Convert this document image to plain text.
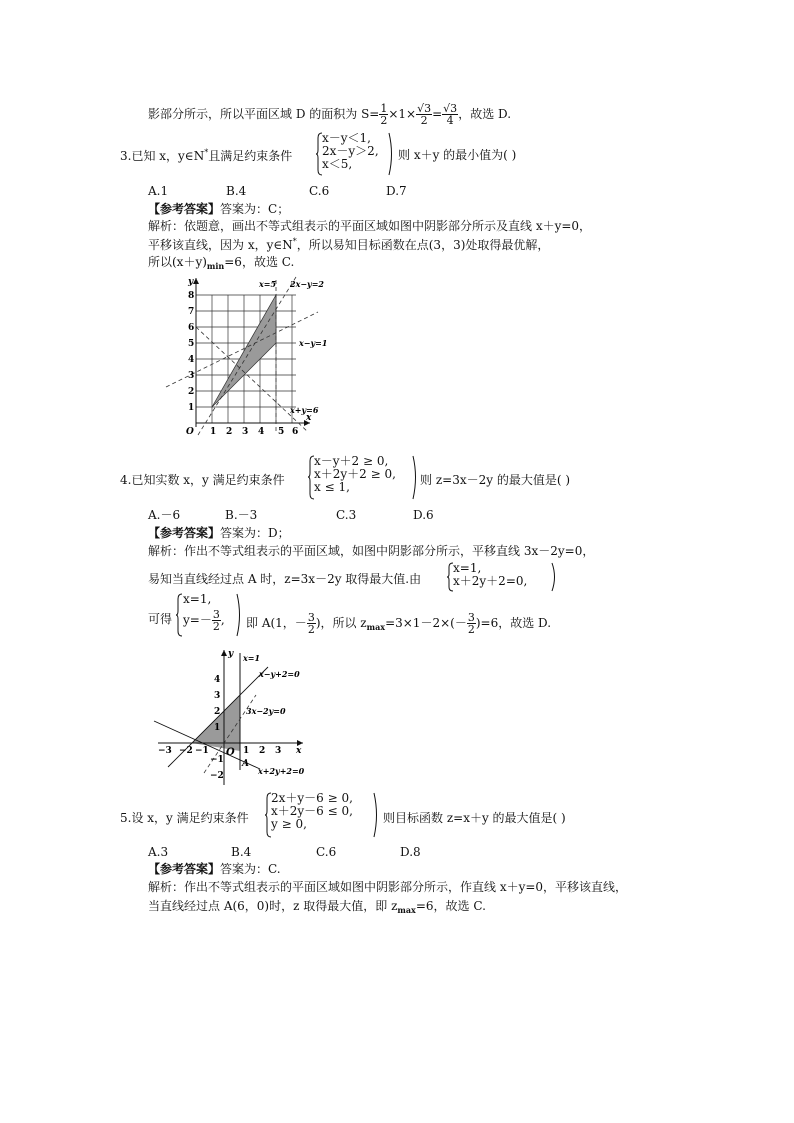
影部分所示，所以平面区域 D 的面积为 $S= \frac{1}{2} \times 1\times \frac{√3}{2} = \frac{√3}{4}$ ，故选 D.
3.已知 x，y∈N*且满足约束条件
x－y＜1,
2x－y＞2,
x＜5,
则 x＋y 的最小值为( )
A.1	B.4	C.6	D.7
【参考答案】答案为：C；
解析：依题意，画出不等式组表示的平面区域如图中阴影部分所示及直线 x＋y=0，
平移该直线，因为 x，y∈N*，所以易知目标函数在点(3，3)处取得最优解，
所以$(x+y)_{min}=6$，故选 C.
y
x
O 1 2 3 4 5 6
1
2
3
4
5
6
7
8
x=5 2x−y=2
x−y=1
x+y=6
4.已知实数 x，y 满足约束条件
x－y＋2 ≥ 0,
x＋2y＋2 ≥ 0,
x ≤ 1,	则 z=3x－2y 的最大值是( )
A.－6	B.－3	C.3	D.6
【参考答案】答案为：D；
解析：作出不等式组表示的平面区域，如图中阴影部分所示，平移直线 3x－2y=0，
易知当直线经过点 A 时，z=3x－2y 取得最大值.由
x=1,
x＋2y＋2=0,
可得
x=1,
$y=- \frac{3}{2}$ , 即 A(1，－ $\frac{3}{2}$ )，所以 $z_{max}=3\times 1-2\times(- \frac{3}{2} )=6$，故选 D.
y
x
O
A
−3 −2 −1	1 2 3
4
3
2
1
−1
−2
x=1
x−y+2=0
3x−2y=0
x+2y+2=0
5.设 x，y 满足约束条件
2x＋y－6 ≥ 0,
x＋2y－6 ≤ 0,
y ≥ 0,	则目标函数 z=x＋y 的最大值是( )
A.3	B.4	C.6	D.8
【参考答案】答案为：C.
解析：作出不等式组表示的平面区域如图中阴影部分所示，作直线 x＋y=0，平移该直线，
当直线经过点 A(6，0)时，z 取得最大值，即 $z_{max}=6$，故选 C.
